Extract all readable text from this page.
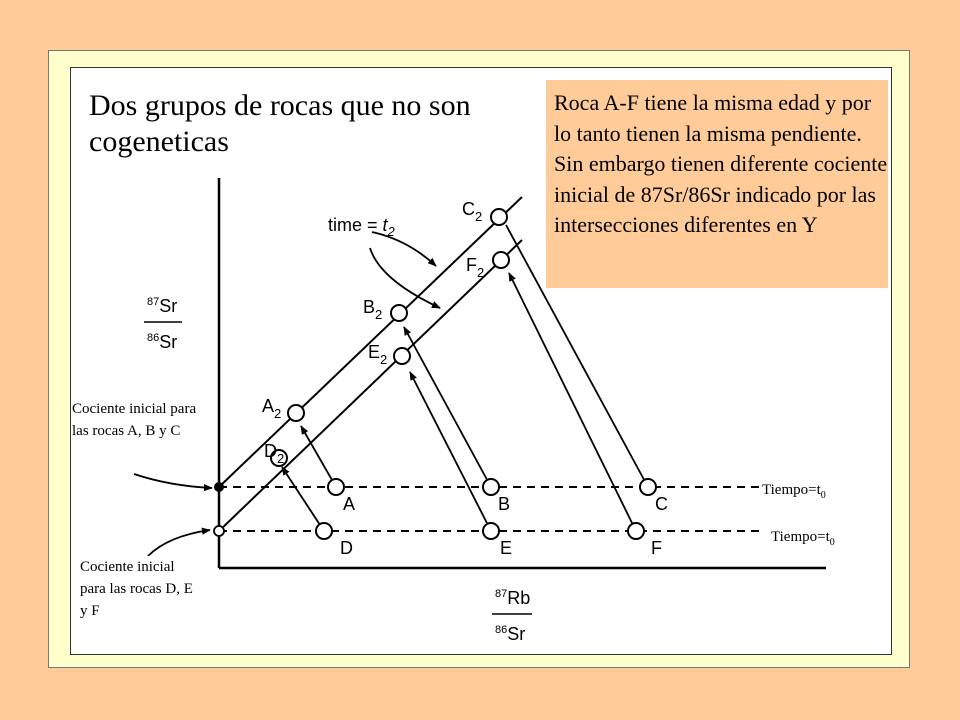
A	B	C
D	E	F
$A_2$
$B_2$
$C_2$
$D_2$
$E_2$
$F_2$
time = $t_2$
$^{87}$Sr
$^{86}$Sr
$^{87}$Rb
$^{86}$Sr
Dos grupos de rocas que no son cogeneticas
Roca A-F tiene la misma edad y por lo tanto tienen la misma pendiente. Sin embargo tienen diferente cociente inicial de 87Sr/86Sr indicado por las intersecciones diferentes en Y
Cociente inicial para las rocas A, B y C
Cociente inicial para las rocas D, E y F
$Tiempo=t_0$
$Tiempo=t_0$
